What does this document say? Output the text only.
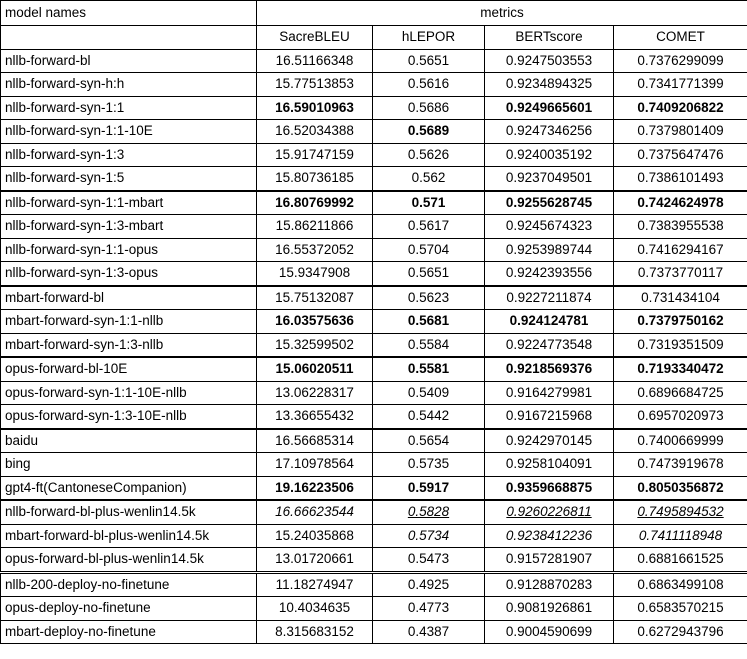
model names	metrics			
	SacreBLEU	hLEPOR	BERTscore	COMET
nllb-forward-bl	16.51166348	0.5651	0.9247503553	0.7376299099
nllb-forward-syn-h:h	15.77513853	0.5616	0.9234894325	0.7341771399
nllb-forward-syn-1:1	16.59010963	0.5686	0.9249665601	0.7409206822
nllb-forward-syn-1:1-10E	16.52034388	0.5689	0.9247346256	0.7379801409
nllb-forward-syn-1:3	15.91747159	0.5626	0.9240035192	0.7375647476
nllb-forward-syn-1:5	15.80736185	0.562	0.9237049501	0.7386101493
nllb-forward-syn-1:1-mbart	16.80769992	0.571	0.9255628745	0.7424624978
nllb-forward-syn-1:3-mbart	15.86211866	0.5617	0.9245674323	0.7383955538
nllb-forward-syn-1:1-opus	16.55372052	0.5704	0.9253989744	0.7416294167
nllb-forward-syn-1:3-opus	15.9347908	0.5651	0.9242393556	0.7373770117
mbart-forward-bl	15.75132087	0.5623	0.9227211874	0.731434104
mbart-forward-syn-1:1-nllb	16.03575636	0.5681	0.924124781	0.7379750162
mbart-forward-syn-1:3-nllb	15.32599502	0.5584	0.9224773548	0.7319351509
opus-forward-bl-10E	15.06020511	0.5581	0.9218569376	0.7193340472
opus-forward-syn-1:1-10E-nllb	13.06228317	0.5409	0.9164279981	0.6896684725
opus-forward-syn-1:3-10E-nllb	13.36655432	0.5442	0.9167215968	0.6957020973
baidu	16.56685314	0.5654	0.9242970145	0.7400669999
bing	17.10978564	0.5735	0.9258104091	0.7473919678
gpt4-ft(CantoneseCompanion)	19.16223506	0.5917	0.9359668875	0.8050356872
nllb-forward-bl-plus-wenlin14.5k	16.66623544	0.5828	0.9260226811	0.7495894532
mbart-forward-bl-plus-wenlin14.5k	15.24035868	0.5734	0.9238412236	0.7411118948
opus-forward-bl-plus-wenlin14.5k	13.01720661	0.5473	0.9157281907	0.6881661525
nllb-200-deploy-no-finetune	11.18274947	0.4925	0.9128870283	0.6863499108
opus-deploy-no-finetune	10.4034635	0.4773	0.9081926861	0.6583570215
mbart-deploy-no-finetune	8.315683152	0.4387	0.9004590699	0.6272943796
